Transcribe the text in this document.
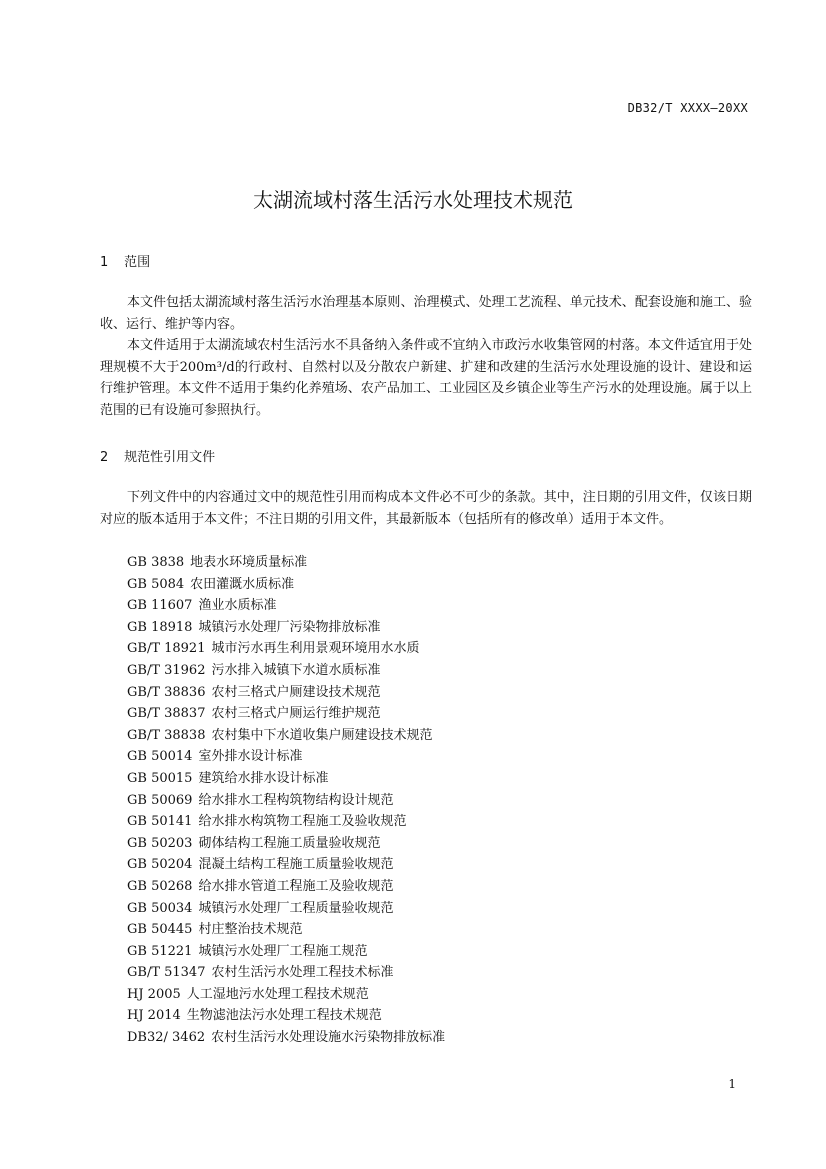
DB32/T XXXX—20XX
太湖流域村落生活污水处理技术规范
1 范围

本文件包括太湖流域村落生活污水治理基本原则、治理模式、处理工艺流程、单元技术、配套设施和施工、验收、运行、维护等内容。

本文件适用于太湖流域农村生活污水不具备纳入条件或不宜纳入市政污水收集管网的村落。本文件适宜用于处理规模不大于200m³/d的行政村、自然村以及分散农户新建、扩建和改建的生活污水处理设施的设计、建设和运行维护管理。本文件不适用于集约化养殖场、农产品加工、工业园区及乡镇企业等生产污水的处理设施。属于以上范围的已有设施可参照执行。

2 规范性引用文件

下列文件中的内容通过文中的规范性引用而构成本文件必不可少的条款。其中，注日期的引用文件，仅该日期对应的版本适用于本文件；不注日期的引用文件，其最新版本（包括所有的修改单）适用于本文件。

GB 3838 地表水环境质量标准
GB 5084 农田灌溉水质标准
GB 11607 渔业水质标准
GB 18918 城镇污水处理厂污染物排放标准
GB/T 18921 城市污水再生利用景观环境用水水质
GB/T 31962 污水排入城镇下水道水质标准
GB/T 38836 农村三格式户厕建设技术规范
GB/T 38837 农村三格式户厕运行维护规范
GB/T 38838 农村集中下水道收集户厕建设技术规范
GB 50014 室外排水设计标准
GB 50015 建筑给水排水设计标准
GB 50069 给水排水工程构筑物结构设计规范
GB 50141 给水排水构筑物工程施工及验收规范
GB 50203 砌体结构工程施工质量验收规范
GB 50204 混凝土结构工程施工质量验收规范
GB 50268 给水排水管道工程施工及验收规范
GB 50034 城镇污水处理厂工程质量验收规范
GB 50445 村庄整治技术规范
GB 51221 城镇污水处理厂工程施工规范
GB/T 51347 农村生活污水处理工程技术标准
HJ 2005 人工湿地污水处理工程技术规范
HJ 2014 生物滤池法污水处理工程技术规范
DB32/ 3462 农村生活污水处理设施水污染物排放标准
1
